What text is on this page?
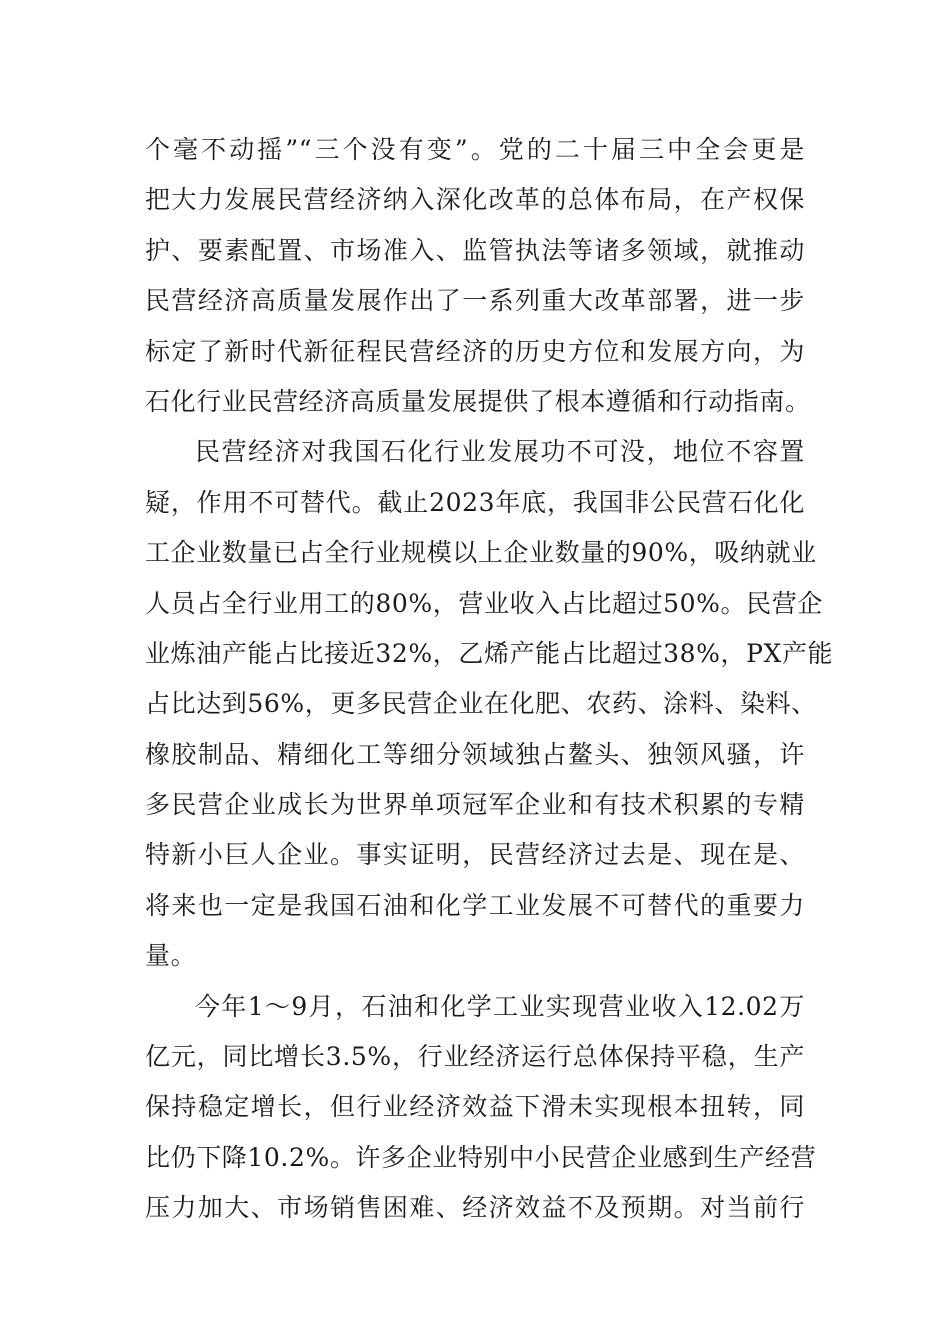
个毫不动摇”“三个没有变”。党的二十届三中全会更是
把大力发展民营经济纳入深化改革的总体布局，在产权保
护、要素配置、市场准入、监管执法等诸多领域，就推动
民营经济高质量发展作出了一系列重大改革部署，进一步
标定了新时代新征程民营经济的历史方位和发展方向，为
石化行业民营经济高质量发展提供了根本遵循和行动指南。
民营经济对我国石化行业发展功不可没，地位不容置
疑，作用不可替代。截止2023年底，我国非公民营石化化
工企业数量已占全行业规模以上企业数量的90%，吸纳就业
人员占全行业用工的80%，营业收入占比超过50%。民营企
业炼油产能占比接近32%，乙烯产能占比超过38%，PX产能
占比达到56%，更多民营企业在化肥、农药、涂料、染料、
橡胶制品、精细化工等细分领域独占鳌头、独领风骚，许
多民营企业成长为世界单项冠军企业和有技术积累的专精
特新小巨人企业。事实证明，民营经济过去是、现在是、
将来也一定是我国石油和化学工业发展不可替代的重要力
量。
今年1～9月，石油和化学工业实现营业收入12.02万
亿元，同比增长3.5%，行业经济运行总体保持平稳，生产
保持稳定增长，但行业经济效益下滑未实现根本扭转，同
比仍下降10.2%。许多企业特别中小民营企业感到生产经营
压力加大、市场销售困难、经济效益不及预期。对当前行
